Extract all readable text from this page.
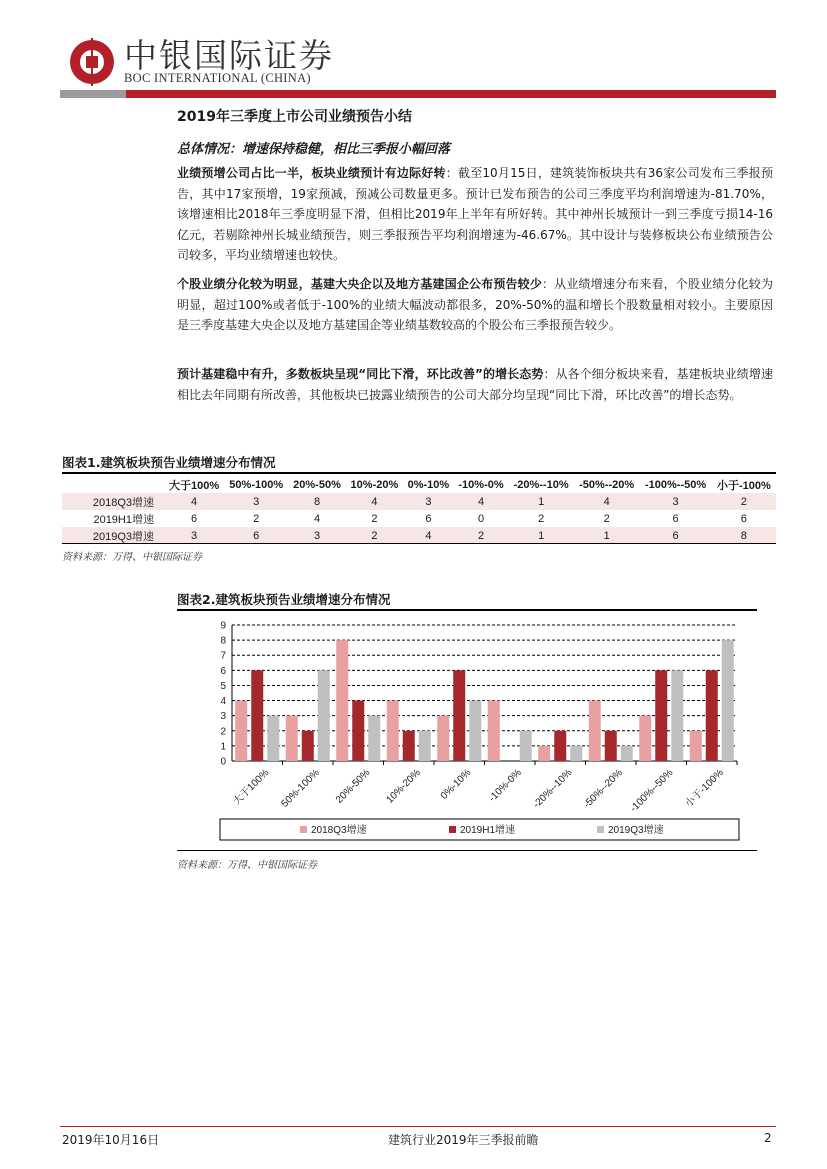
中银国际证券
BOC INTERNATIONAL (CHINA)
2019年三季度上市公司业绩预告小结
总体情况：增速保持稳健，相比三季报小幅回落
业绩预增公司占比一半，板块业绩预计有边际好转：截至10月15日，建筑装饰板块共有36家公司发布三季报预告，其中17家预增，19家预减，预减公司数量更多。预计已发布预告的公司三季度平均利润增速为-81.70%，该增速相比2018年三季度明显下滑，但相比2019年上半年有所好转。其中神州长城预计一到三季度亏损14-16亿元，若剔除神州长城业绩预告，则三季报预告平均利润增速为-46.67%。其中设计与装修板块公布业绩预告公司较多，平均业绩增速也较快。
个股业绩分化较为明显，基建大央企以及地方基建国企公布预告较少：从业绩增速分布来看，个股业绩分化较为明显，超过100%或者低于-100%的业绩大幅波动都很多，20%-50%的温和增长个股数量相对较小。主要原因是三季度基建大央企以及地方基建国企等业绩基数较高的个股公布三季报预告较少。
预计基建稳中有升，多数板块呈现“同比下滑，环比改善”的增长态势：从各个细分板块来看，基建板块业绩增速相比去年同期有所改善，其他板块已披露业绩预告的公司大部分均呈现“同比下滑，环比改善”的增长态势。
图表1.建筑板块预告业绩增速分布情况
	大于100%	50%-100%	20%-50%	10%-20%	0%-10%	-10%-0%	-20%--10%	-50%--20%	-100%--50%	小于-100%
2018Q3增速	4	3	8	4	3	4	1	4	3	2
2019H1增速	6	2	4	2	6	0	2	2	6	6
2019Q3增速	3	6	3	2	4	2	1	1	6	8
资料来源：万得、中银国际证券
图表2.建筑板块预告业绩增速分布情况
0
1
2
3
4
5
6
7
8
9
大于100% 50%-100% 20%-50% 10%-20% 0%-10% -10%-0% -20%--10% -50%--20% -100%--50% 小于-100%
2018Q3增速	2019H1增速	2019Q3增速
资料来源：万得、中银国际证券
2019年10月16日	建筑行业2019年三季报前瞻	2
